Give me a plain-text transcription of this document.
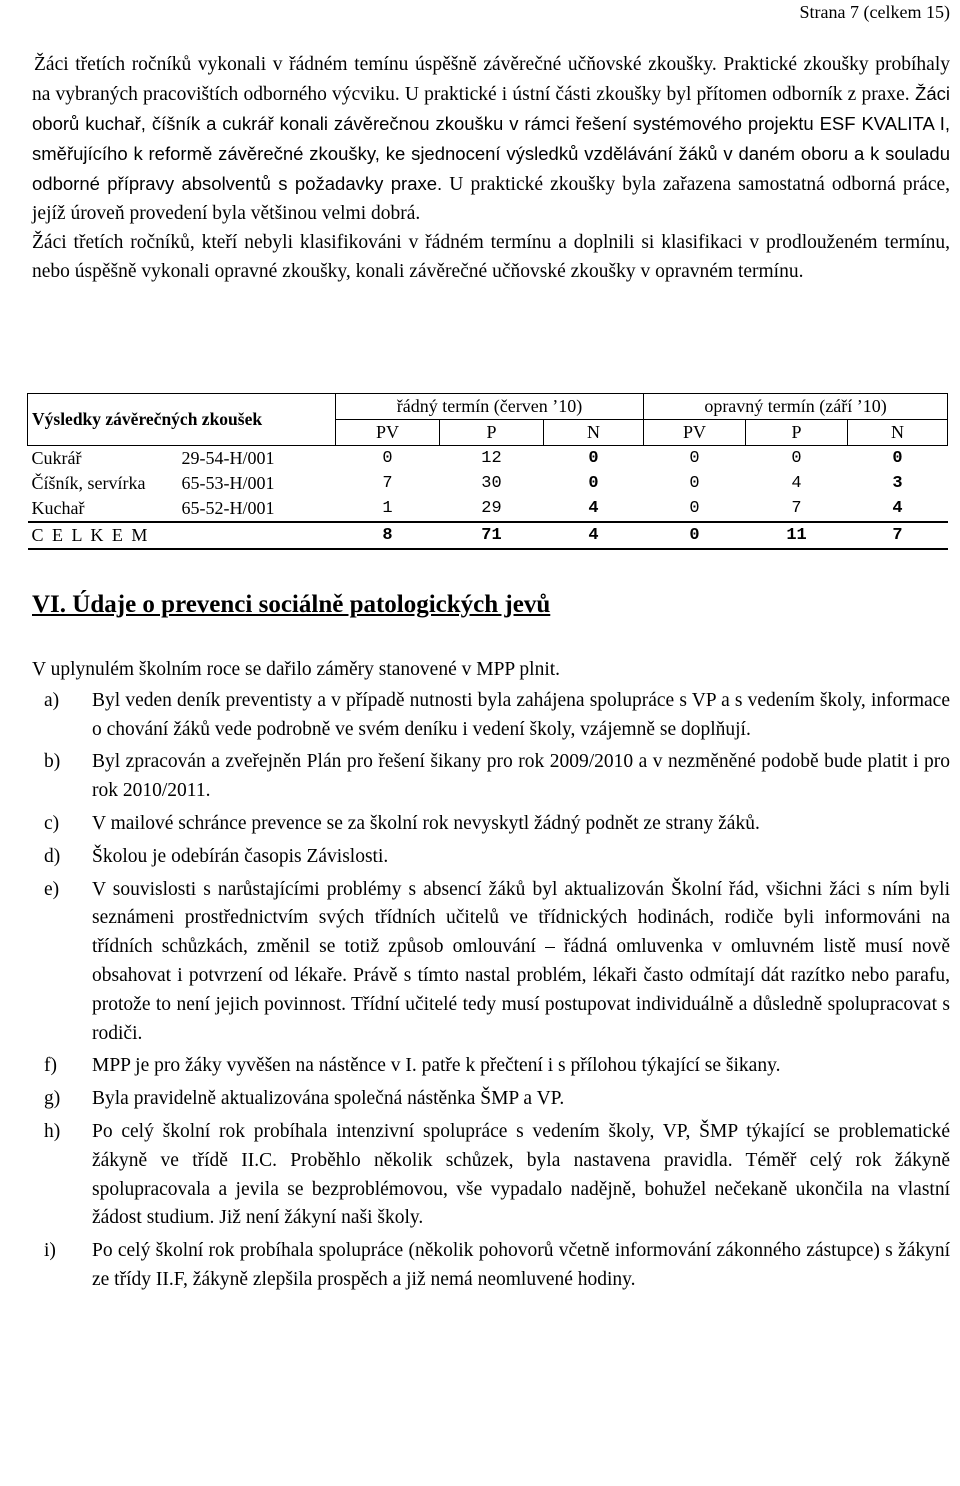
Strana 7 (celkem 15)

Žáci třetích ročníků vykonali v řádném temínu úspěšně závěrečné učňovské zkoušky. Praktické zkoušky probíhaly na vybraných pracovištích odborného výcviku. U praktické i ústní části zkoušky byl přítomen odborník z praxe. Žáci oborů kuchař, číšník a cukrář konali závěrečnou zkoušku v rámci řešení systémového projektu ESF KVALITA I, směřujícího k reformě závěrečné zkoušky, ke sjednocení výsledků vzdělávání žáků v daném oboru a k souladu odborné přípravy absolventů s požadavky praxe. U praktické zkoušky byla zařazena samostatná odborná práce, jejíž úroveň provedení byla většinou velmi dobrá.

Žáci třetích ročníků, kteří nebyli klasifikováni v řádném termínu a doplnili si klasifikaci v prodlouženém termínu, nebo úspěšně vykonali opravné zkoušky, konali závěrečné učňovské zkoušky v opravném termínu.

Výsledky závěrečných zkoušek		řádný termín (červen ’10)			opravný termín (září ’10)		
		PV	P	N	PV	P	N
Cukrář	29-54-H/001	0	12	0	0	0	0
Číšník, servírka	65-53-H/001	7	30	0	0	4	3
Kuchař	65-52-H/001	1	29	4	0	7	4
C E L K E M		8	71	4	0	11	7
VI. Údaje o prevenci sociálně patologických jevů

V uplynulém školním roce se dařilo záměry stanovené v MPP plnit.

a)	Byl veden deník preventisty a v případě nutnosti byla zahájena spolupráce s VP a s vedením školy, informace o chování žáků vede podrobně ve svém deníku i vedení školy, vzájemně se doplňují.
b)	Byl zpracován a zveřejněn Plán pro řešení šikany pro rok 2009/2010 a v nezměněné podobě bude platit i pro rok 2010/2011.
c)	V mailové schránce prevence se za školní rok nevyskytl žádný podnět ze strany žáků.
d)	Školou je odebírán časopis Závislosti.
e)	V souvislosti s narůstajícími problémy s absencí žáků byl aktualizován Školní řád, všichni žáci s ním byli seznámeni prostřednictvím svých třídních učitelů ve třídnických hodinách, rodiče byli informováni na třídních schůzkách, změnil se totiž způsob omlouvání – řádná omluvenka v omluvném listě musí nově obsahovat i potvrzení od lékaře. Právě s tímto nastal problém, lékaři často odmítají dát razítko nebo parafu, protože to není jejich povinnost. Třídní učitelé tedy musí postupovat individuálně a důsledně spolupracovat s rodiči.
f)	MPP je pro žáky vyvěšen na nástěnce v I. patře k přečtení i s přílohou týkající se šikany.
g)	Byla pravidelně aktualizována společná nástěnka ŠMP a VP.
h)	Po celý školní rok probíhala intenzivní spolupráce s vedením školy, VP, ŠMP týkající se problematické žákyně ve třídě II.C. Proběhlo několik schůzek, byla nastavena pravidla. Téměř celý rok žákyně spolupracovala a jevila se bezproblémovou, vše vypadalo nadějně, bohužel nečekaně ukončila na vlastní žádost studium. Již není žákyní naši školy.
i)	Po celý školní rok probíhala spolupráce (několik pohovorů včetně informování zákonného zástupce) s žákyní ze třídy II.F, žákyně zlepšila prospěch a již nemá neomluvené hodiny.
